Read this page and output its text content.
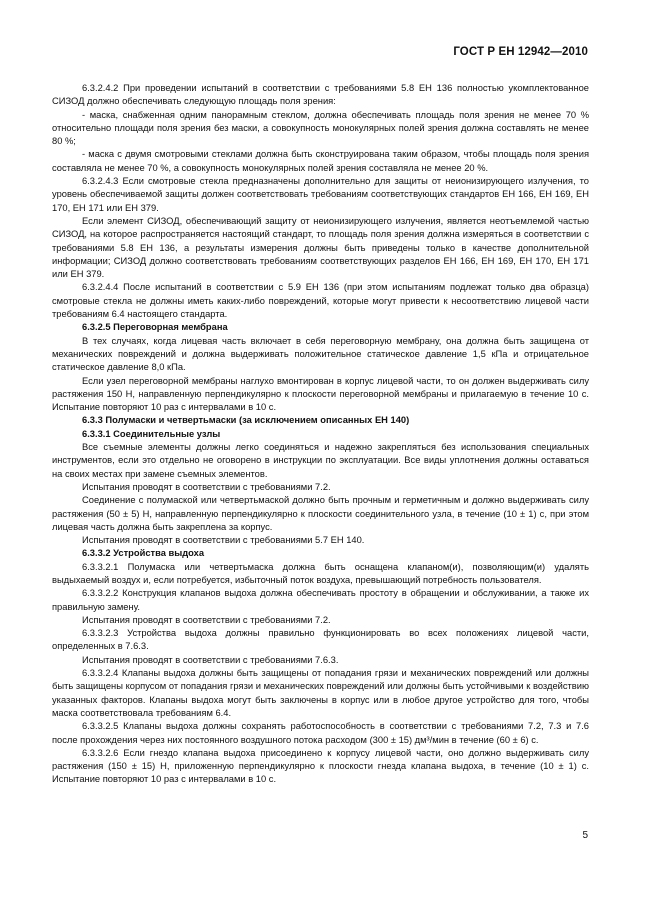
ГОСТ Р ЕН 12942—2010

6.3.2.4.2 При проведении испытаний в соответствии с требованиями 5.8 ЕН 136 полностью укомплектованное СИЗОД должно обеспечивать следующую площадь поля зрения:

- маска, снабженная одним панорамным стеклом, должна обеспечивать площадь поля зрения не менее 70 % относительно площади поля зрения без маски, а совокупность монокулярных полей зрения должна составлять не менее 80 %;

- маска с двумя смотровыми стеклами должна быть сконструирована таким образом, чтобы площадь поля зрения составляла не менее 70 %, а совокупность монокулярных полей зрения составляла не менее 20 %.

6.3.2.4.3 Если смотровые стекла предназначены дополнительно для защиты от неионизирующего излучения, то уровень обеспечиваемой защиты должен соответствовать требованиям соответствующих стандартов ЕН 166, ЕН 169, ЕН 170, ЕН 171 или ЕН 379.

Если элемент СИЗОД, обеспечивающий защиту от неионизирующего излучения, является неотъемлемой частью СИЗОД, на которое распространяется настоящий стандарт, то площадь поля зрения должна измеряться в соответствии с требованиями 5.8 ЕН 136, а результаты измерения должны быть приведены только в качестве дополнительной информации; СИЗОД должно соответствовать требованиям соответствующих разделов ЕН 166, ЕН 169, ЕН 170, ЕН 171 или ЕН 379.

6.3.2.4.4 После испытаний в соответствии с 5.9 ЕН 136 (при этом испытаниям подлежат только два образца) смотровые стекла не должны иметь каких-либо повреждений, которые могут привести к несоответствию лицевой части требованиям 6.4 настоящего стандарта.

6.3.2.5 Переговорная мембрана

В тех случаях, когда лицевая часть включает в себя переговорную мембрану, она должна быть защищена от механических повреждений и должна выдерживать положительное статическое давление 1,5 кПа и отрицательное статическое давление 8,0 кПа.

Если узел переговорной мембраны наглухо вмонтирован в корпус лицевой части, то он должен выдерживать силу растяжения 150 Н, направленную перпендикулярно к плоскости переговорной мембраны и прилагаемую в течение 10 с. Испытание повторяют 10 раз с интервалами в 10 с.

6.3.3 Полумаски и четвертьмаски (за исключением описанных ЕН 140)

6.3.3.1 Соединительные узлы

Все съемные элементы должны легко соединяться и надежно закрепляться без использования специальных инструментов, если это отдельно не оговорено в инструкции по эксплуатации. Все виды уплотнения должны оставаться на своих местах при замене съемных элементов.

Испытания проводят в соответствии с требованиями 7.2.

Соединение с полумаской или четвертьмаской должно быть прочным и герметичным и должно выдерживать силу растяжения (50 ± 5) Н, направленную перпендикулярно к плоскости соединительного узла, в течение (10 ± 1) с, при этом лицевая часть должна быть закреплена за корпус.

Испытания проводят в соответствии с требованиями 5.7 ЕН 140.

6.3.3.2 Устройства выдоха

6.3.3.2.1 Полумаска или четвертьмаска должна быть оснащена клапаном(и), позволяющим(и) удалять выдыхаемый воздух и, если потребуется, избыточный поток воздуха, превышающий потребность пользователя.

6.3.3.2.2 Конструкция клапанов выдоха должна обеспечивать простоту в обращении и обслуживании, а также их правильную замену.

Испытания проводят в соответствии с требованиями 7.2.

6.3.3.2.3 Устройства выдоха должны правильно функционировать во всех положениях лицевой части, определенных в 7.6.3.

Испытания проводят в соответствии с требованиями 7.6.3.

6.3.3.2.4 Клапаны выдоха должны быть защищены от попадания грязи и механических повреждений или должны быть защищены корпусом от попадания грязи и механических повреждений или должны быть устойчивыми к воздействию указанных факторов. Клапаны выдоха могут быть заключены в корпус или в любое другое устройство для того, чтобы маска соответствовала требованиям 6.4.

6.3.3.2.5 Клапаны выдоха должны сохранять работоспособность в соответствии с требованиями 7.2, 7.3 и 7.6 после прохождения через них постоянного воздушного потока расходом (300 ± 15) дм³/мин в течение (60 ± 6) с.

6.3.3.2.6 Если гнездо клапана выдоха присоединено к корпусу лицевой части, оно должно выдерживать силу растяжения (150 ± 15) Н, приложенную перпендикулярно к плоскости гнезда клапана выдоха, в течение (10 ± 1) с. Испытание повторяют 10 раз с интервалами в 10 с.

5
